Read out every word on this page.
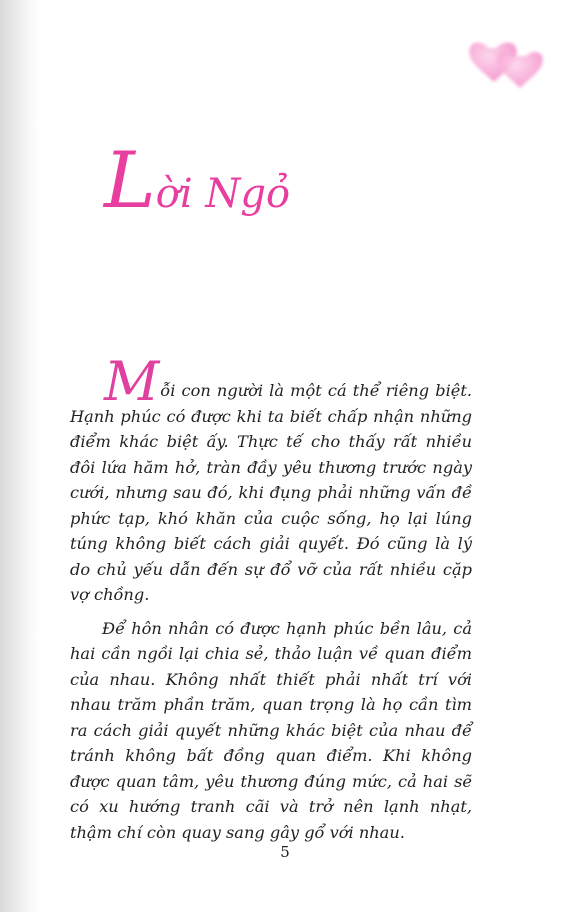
Lời Ngỏ

Mỗi con người là một cá thể riêng biệt. Hạnh phúc có được khi ta biết chấp nhận những điểm khác biệt ấy. Thực tế cho thấy rất nhiều đôi lứa hăm hở, tràn đầy yêu thương trước ngày cưới, nhưng sau đó, khi đụng phải những vấn đề phức tạp, khó khăn của cuộc sống, họ lại lúng túng không biết cách giải quyết. Đó cũng là lý do chủ yếu dẫn đến sự đổ vỡ của rất nhiều cặp vợ chồng.

Để hôn nhân có được hạnh phúc bền lâu, cả hai cần ngồi lại chia sẻ, thảo luận về quan điểm của nhau. Không nhất thiết phải nhất trí với nhau trăm phần trăm, quan trọng là họ cần tìm ra cách giải quyết những khác biệt của nhau để tránh không bất đồng quan điểm. Khi không được quan tâm, yêu thương đúng mức, cả hai sẽ có xu hướng tranh cãi và trở nên lạnh nhạt, thậm chí còn quay sang gây gổ với nhau.

5
